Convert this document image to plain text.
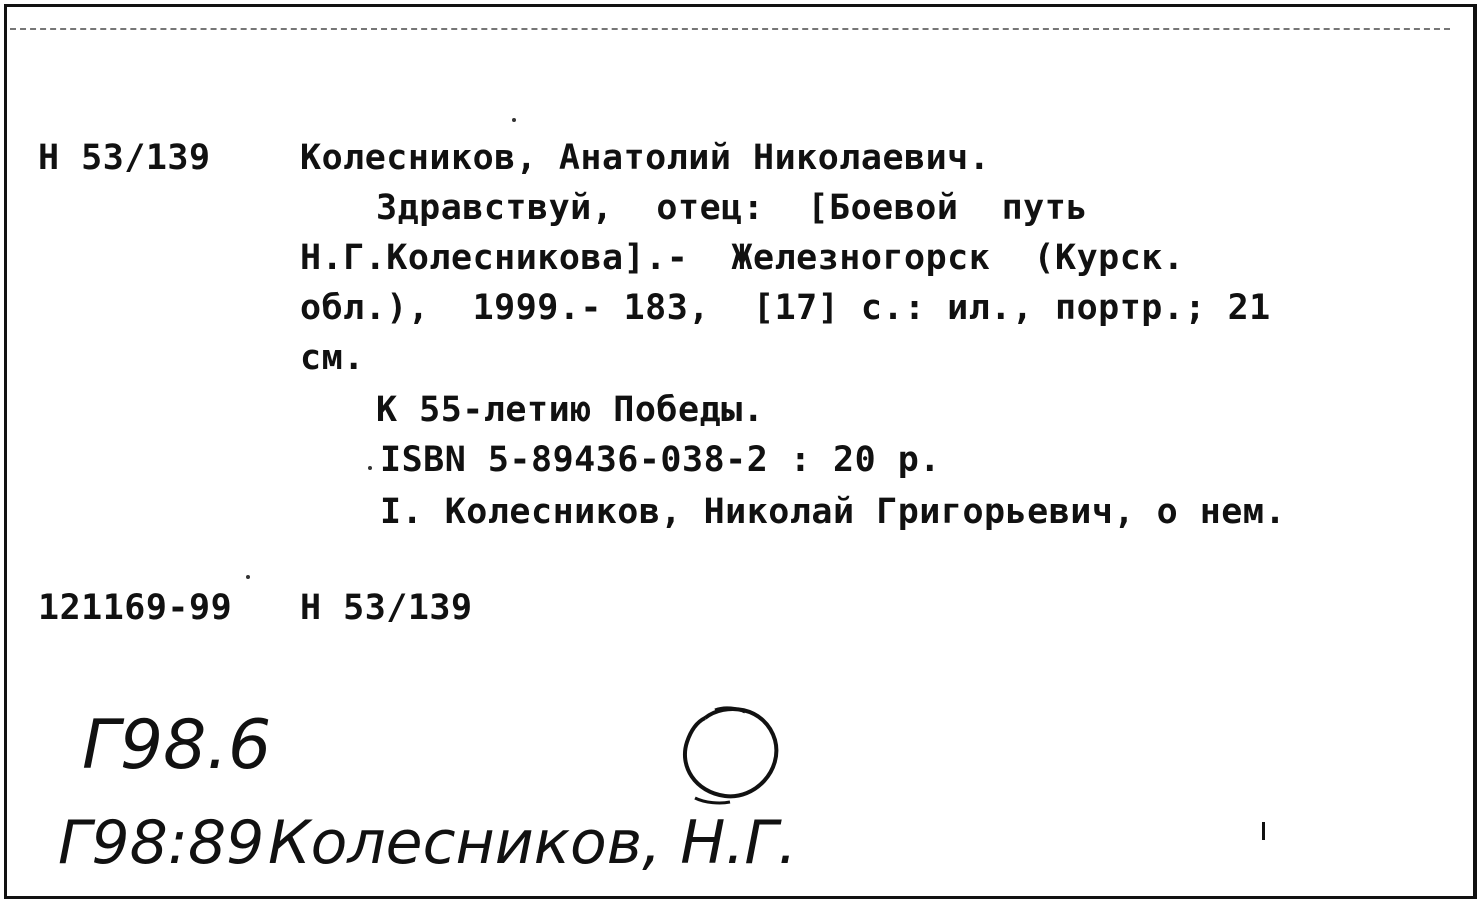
Н 53/139	Колесников, Анатолий Николаевич.
Здравствуй,  отец:  [Боевой  путь
Н.Г.Колесникова].-  Железногорск  (Курск.
обл.),  1999.- 183,  [17] с.: ил., портр.; 21
см.
К 55-летию Победы.
ISBN 5-89436-038-2 : 20 р.
I. Колесников, Николай Григорьевич, о нем.
121169-99 Н 53/139
Г98.6
Г98:89 Колесников, Н.Г.
